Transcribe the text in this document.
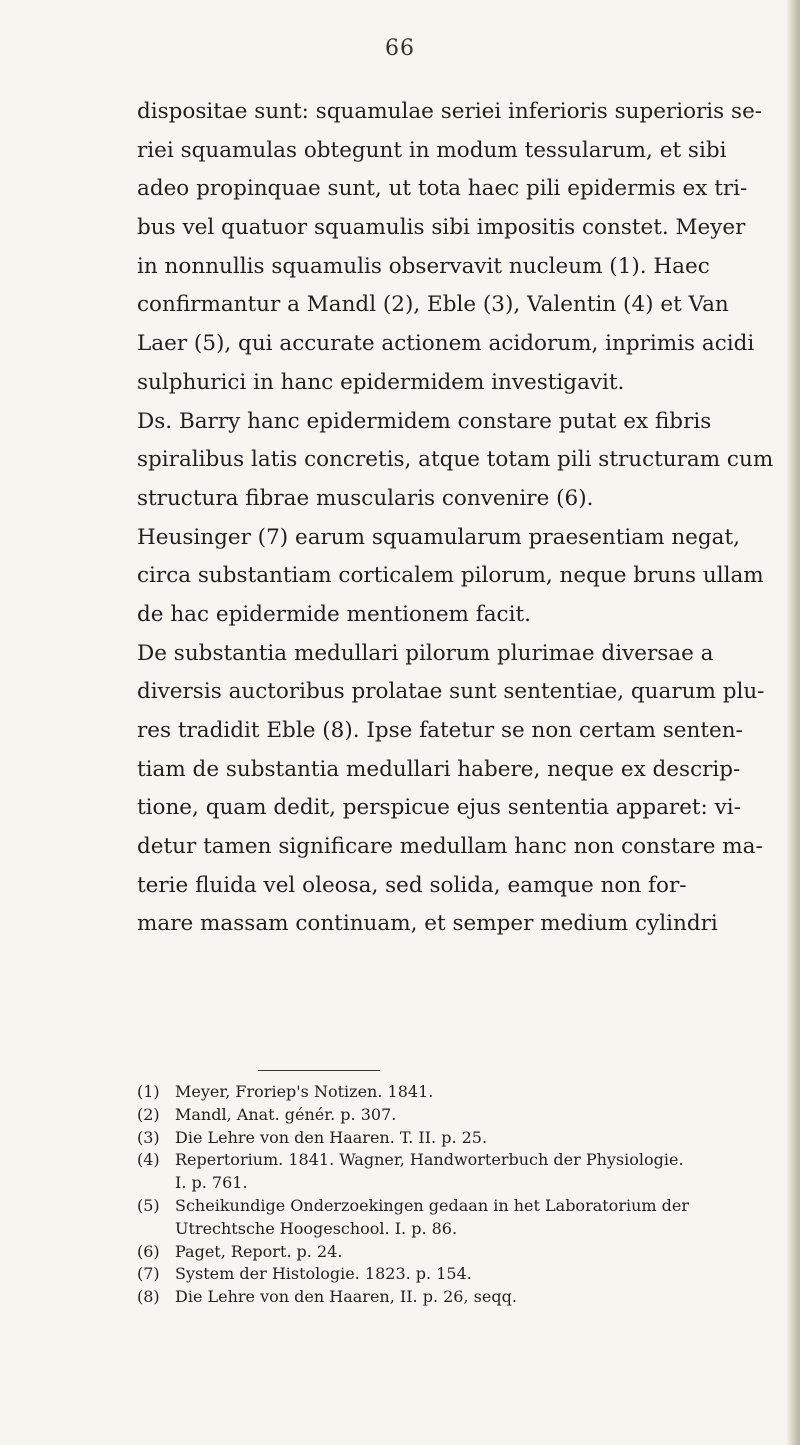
66
dispositae sunt: squamulae seriei inferioris superioris se-
riei squamulas obtegunt in modum tessularum, et sibi
adeo propinquae sunt, ut tota haec pili epidermis ex tri-
bus vel quatuor squamulis sibi impositis constet. Meyer
in nonnullis squamulis observavit nucleum (1). Haec
confirmantur a Mandl (2), Eble (3), Valentin (4) et Van
Laer (5), qui accurate actionem acidorum, inprimis acidi
sulphurici in hanc epidermidem investigavit.
Ds. Barry hanc epidermidem constare putat ex fibris
spiralibus latis concretis, atque totam pili structuram cum
structura fibrae muscularis convenire (6).
Heusinger (7) earum squamularum praesentiam negat,
circa substantiam corticalem pilorum, neque bruns ullam
de hac epidermide mentionem facit.
De substantia medullari pilorum plurimae diversae a
diversis auctoribus prolatae sunt sententiae, quarum plu-
res tradidit Eble (8). Ipse fatetur se non certam senten-
tiam de substantia medullari habere, neque ex descrip-
tione, quam dedit, perspicue ejus sententia apparet: vi-
detur tamen significare medullam hanc non constare ma-
terie fluida vel oleosa, sed solida, eamque non for-
mare massam continuam, et semper medium cylindri
(1) Meyer, Froriep's Notizen. 1841.
(2) Mandl, Anat. génér. p. 307.
(3) Die Lehre von den Haaren. T. II. p. 25.
(4) Repertorium. 1841. Wagner, Handworterbuch der Physiologie.
I. p. 761.
(5) Scheikundige Onderzoekingen gedaan in het Laboratorium der
Utrechtsche Hoogeschool. I. p. 86.
(6) Paget, Report. p. 24.
(7) System der Histologie. 1823. p. 154.
(8) Die Lehre von den Haaren, II. p. 26, seqq.
